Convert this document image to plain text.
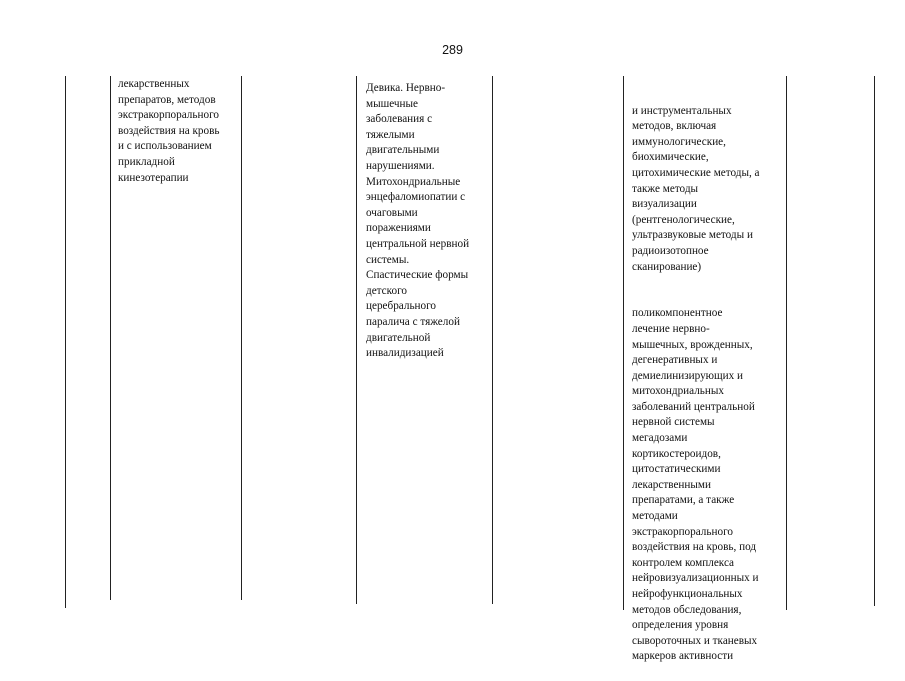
289
лекарственных
препаратов, методов
экстракорпорального
воздействия на кровь
и с использованием
прикладной
кинезотерапии
Девика. Нервно-
мышечные
заболевания с
тяжелыми
двигательными
нарушениями.
Митохондриальные
энцефаломиопатии с
очаговыми
поражениями
центральной нервной
системы.
Спастические формы
детского
церебрального
паралича с тяжелой
двигательной
инвалидизацией

и инструментальных
методов, включая
иммунологические,
биохимические,
цитохимические методы, а
также методы
визуализации
(рентгенологические,
ультразвуковые методы и
радиоизотопное
сканирование)

поликомпонентное
лечение нервно-
мышечных, врожденных,
дегенеративных и
демиелинизирующих и
митохондриальных
заболеваний центральной
нервной системы
мегадозами
кортикостероидов,
цитостатическими
лекарственными
препаратами, а также
методами
экстракорпорального
воздействия на кровь, под
контролем комплекса
нейровизуализационных и
нейрофункциональных
методов обследования,
определения уровня
сывороточных и тканевых
маркеров активности
